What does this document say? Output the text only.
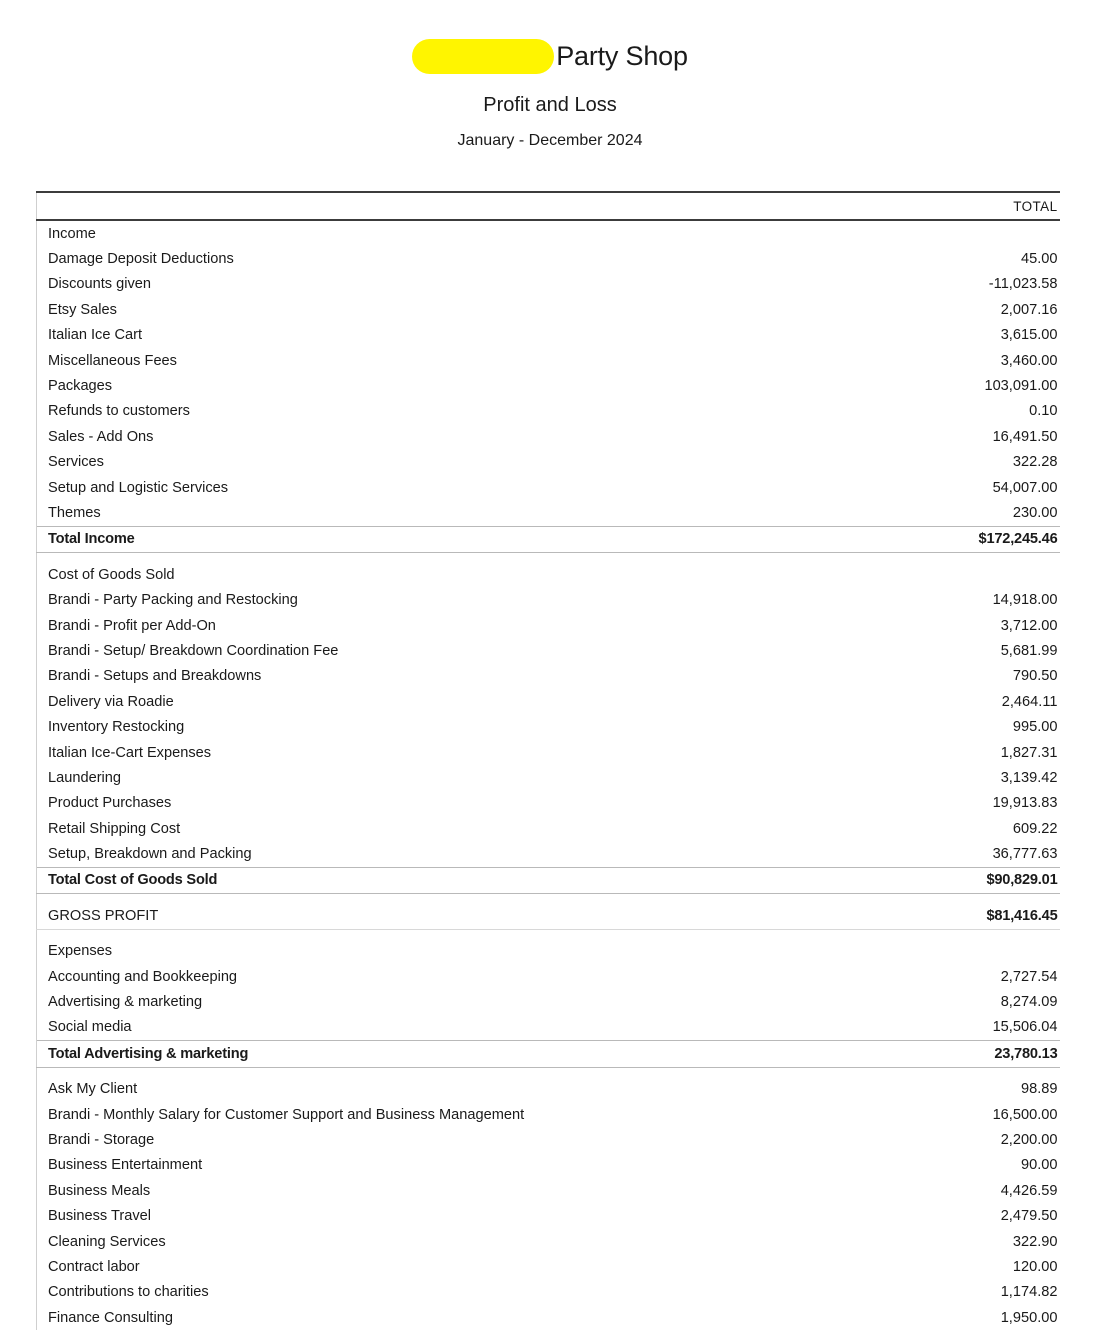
Party Shop
Profit and Loss
January - December 2024
	TOTAL
Income	
Damage Deposit Deductions	45.00
Discounts given	-11,023.58
Etsy Sales	2,007.16
Italian Ice Cart	3,615.00
Miscellaneous Fees	3,460.00
Packages	103,091.00
Refunds to customers	0.10
Sales - Add Ons	16,491.50
Services	322.28
Setup and Logistic Services	54,007.00
Themes	230.00
Total Income	$172,245.46

Cost of Goods Sold	
Brandi - Party Packing and Restocking	14,918.00
Brandi - Profit per Add-On	3,712.00
Brandi - Setup/ Breakdown Coordination Fee	5,681.99
Brandi - Setups and Breakdowns	790.50
Delivery via Roadie	2,464.11
Inventory Restocking	995.00
Italian Ice-Cart Expenses	1,827.31
Laundering	3,139.42
Product Purchases	19,913.83
Retail Shipping Cost	609.22
Setup, Breakdown and Packing	36,777.63
Total Cost of Goods Sold	$90,829.01

GROSS PROFIT	$81,416.45

Expenses	
Accounting and Bookkeeping	2,727.54
Advertising & marketing	8,274.09
Social media	15,506.04
Total Advertising & marketing	23,780.13

Ask My Client	98.89
Brandi - Monthly Salary for Customer Support and Business Management	16,500.00
Brandi - Storage	2,200.00
Business Entertainment	90.00
Business Meals	4,426.59
Business Travel	2,479.50
Cleaning Services	322.90
Contract labor	120.00
Contributions to charities	1,174.82
Finance Consulting	1,950.00
